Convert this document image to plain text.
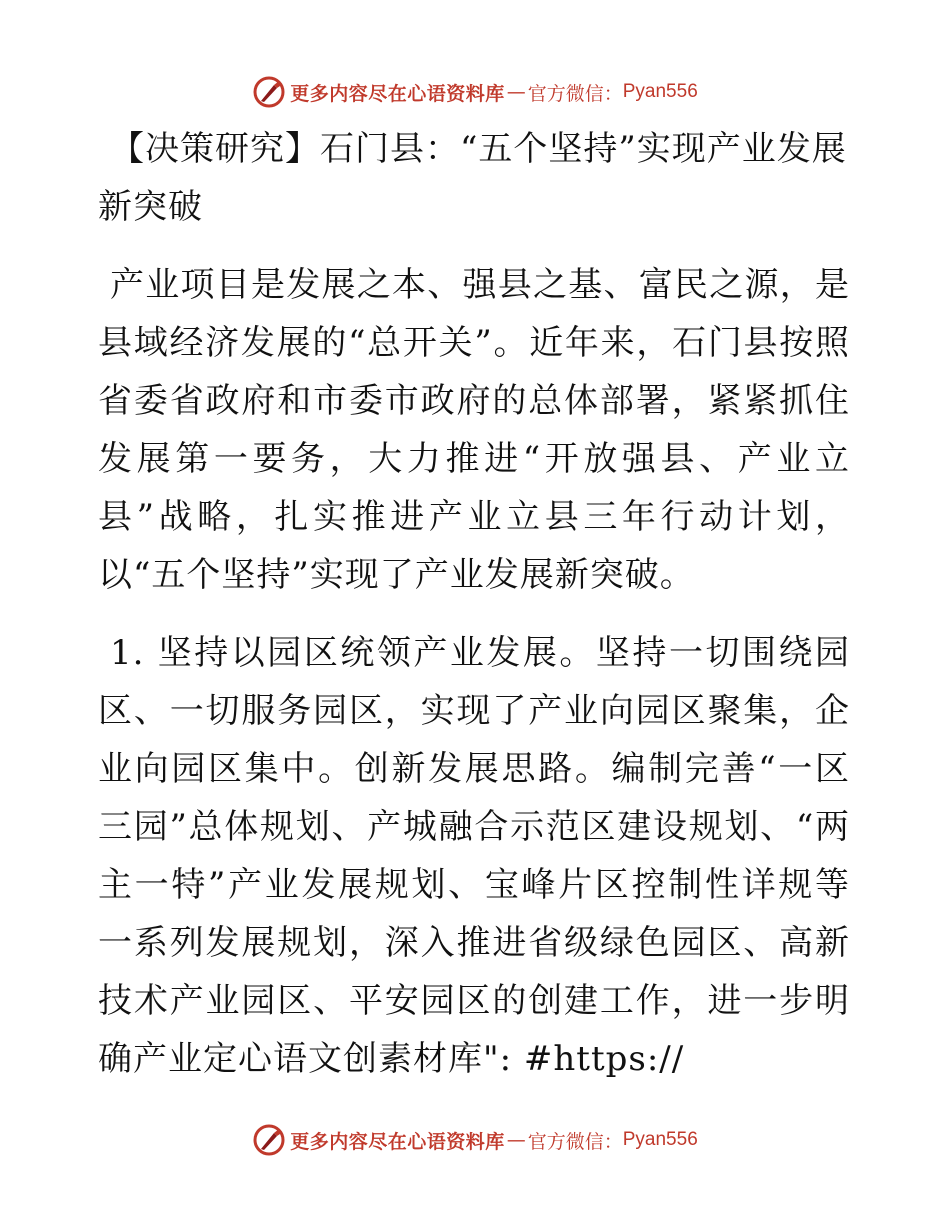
更多内容尽在心语资料库 — 官方微信： Pyan556
【决策研究】石门县：“五个坚持”实现产业发展新突破

产业项目是发展之本、强县之基、富民之源，是县域经济发展的“总开关”。近年来，石门县按照省委省政府和市委市政府的总体部署，紧紧抓住发展第一要务，大力推进“开放强县、产业立县”战略，扎实推进产业立县三年行动计划，以“五个坚持”实现了产业发展新突破。

1. 坚持以园区统领产业发展。坚持一切围绕园区、一切服务园区，实现了产业向园区聚集，企业向园区集中。创新发展思路。编制完善“一区三园”总体规划、产城融合示范区建设规划、“两主一特”产业发展规划、宝峰片区控制性详规等一系列发展规划，深入推进省级绿色园区、高新技术产业园区、平安园区的创建工作，进一步明确产业定心语文创素材库": #https://

更多内容尽在心语资料库 — 官方微信： Pyan556
